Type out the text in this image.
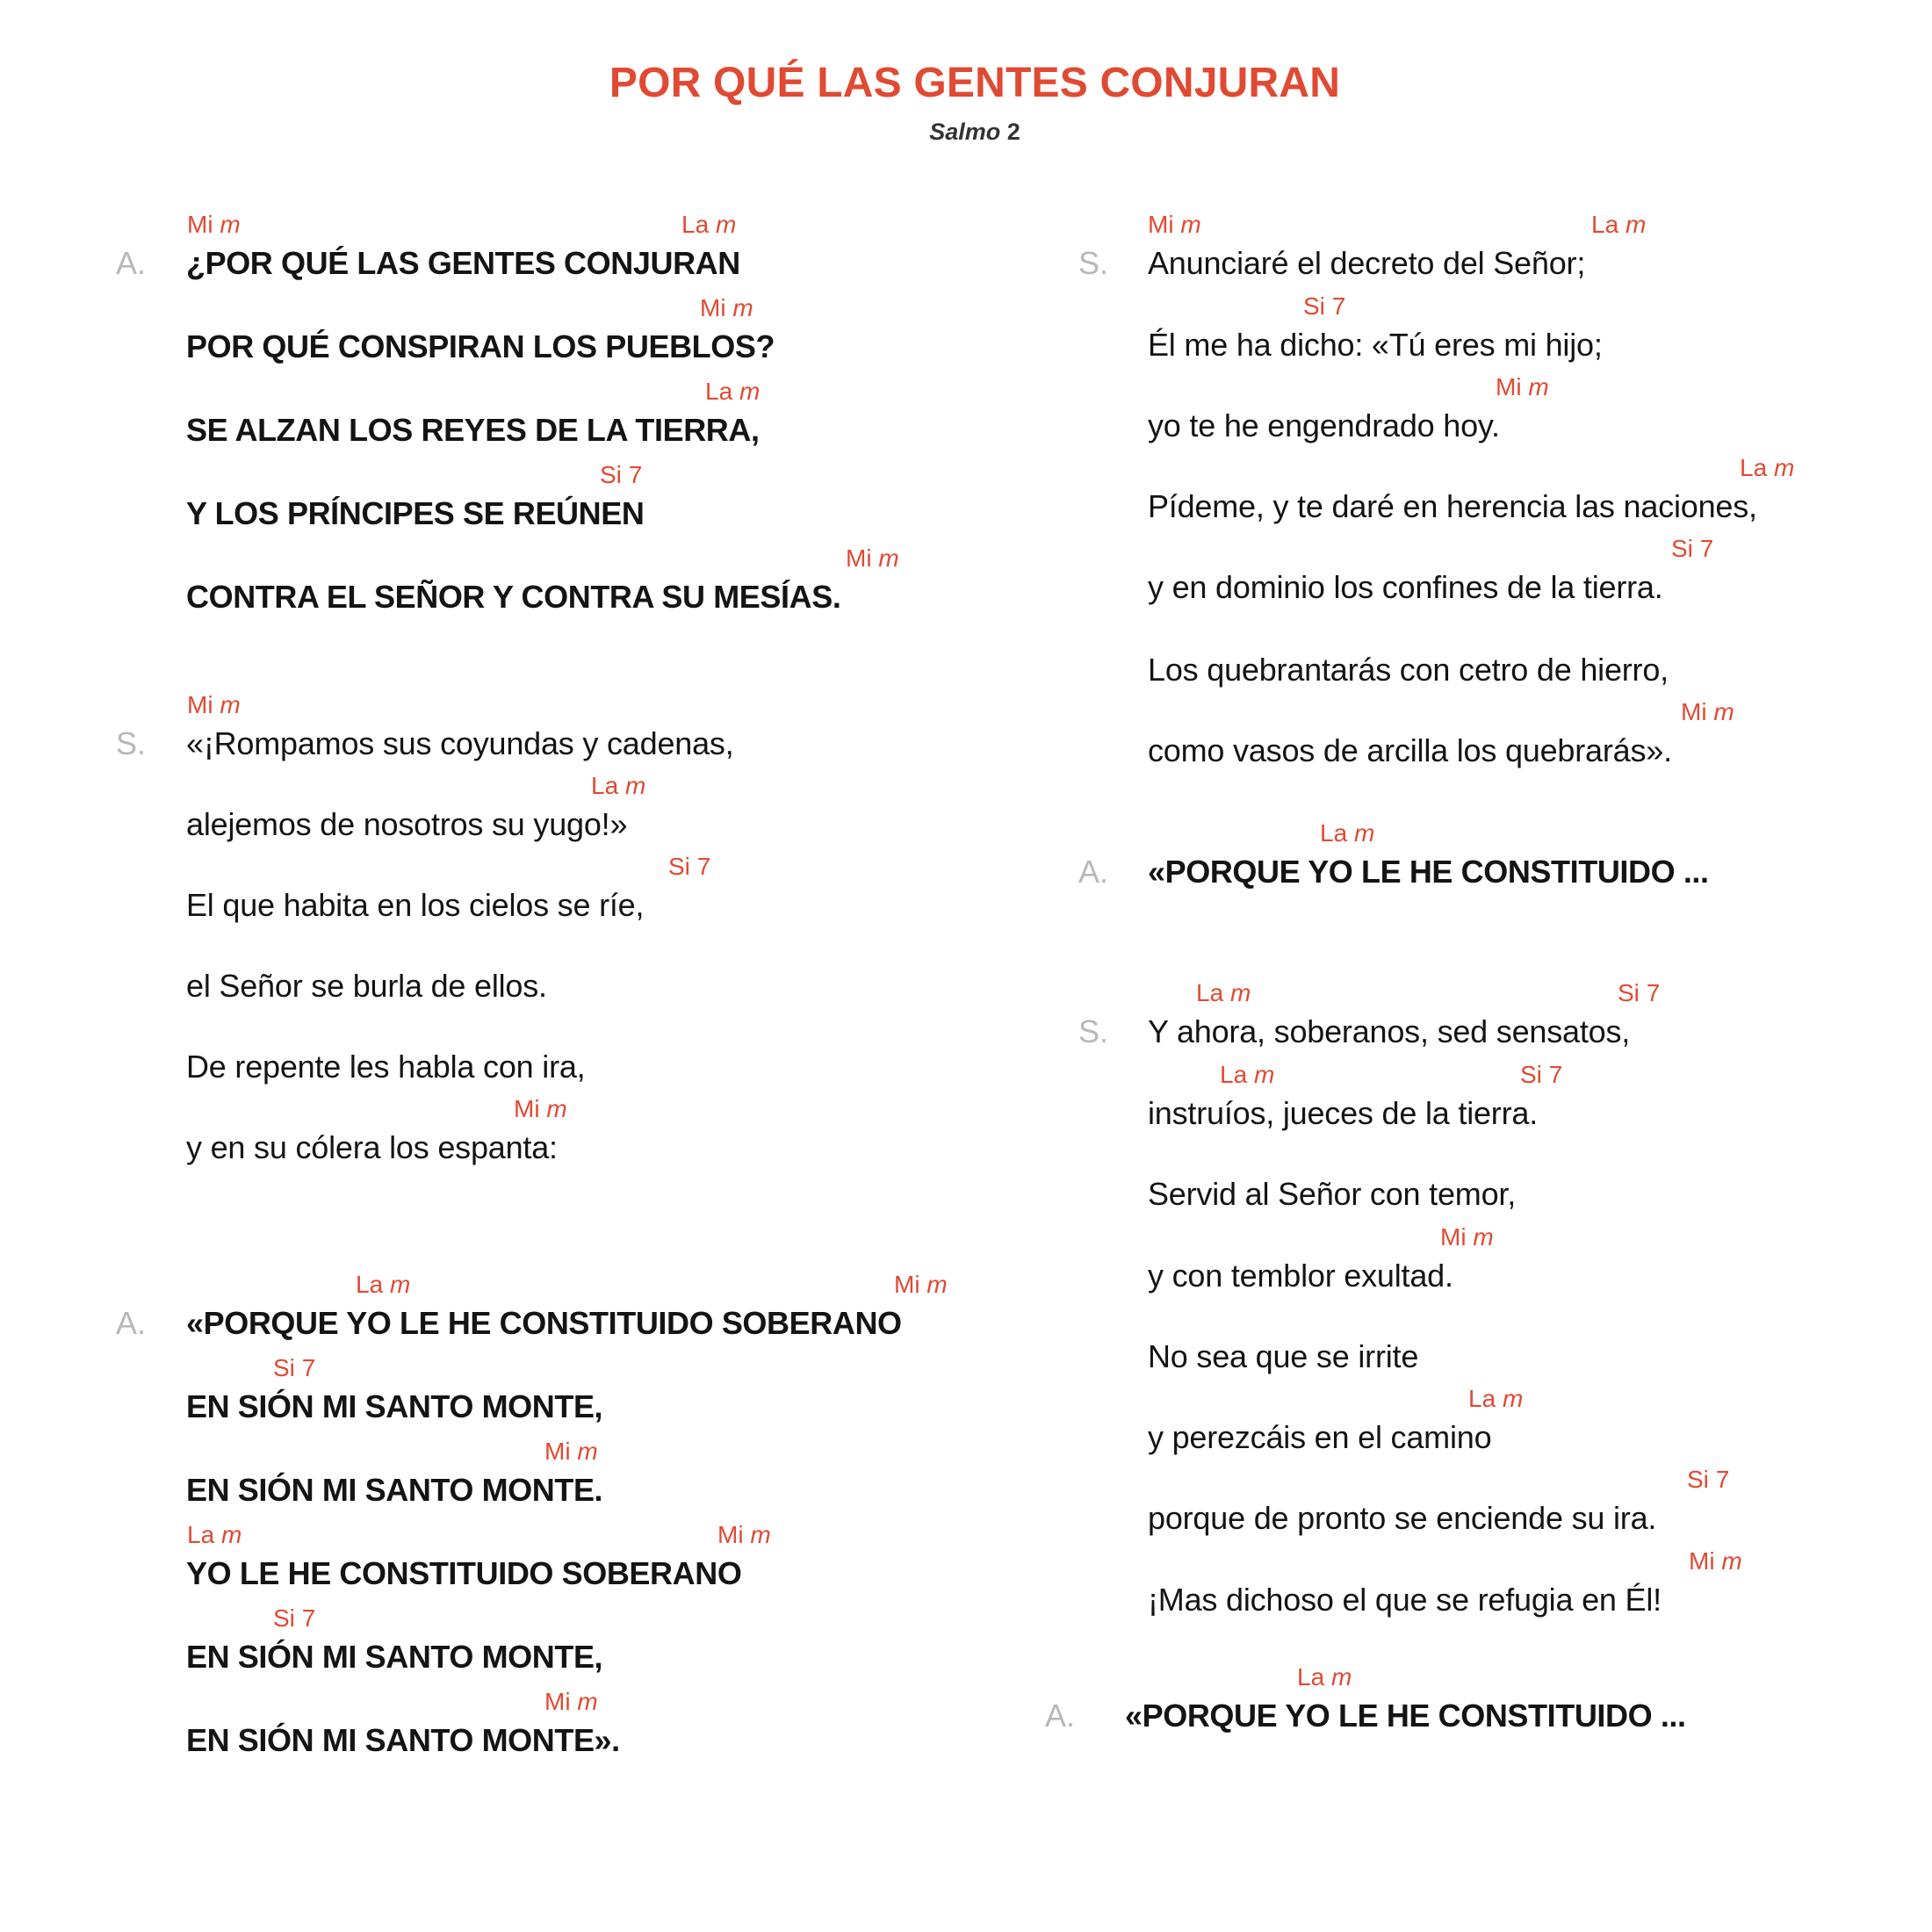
POR QUÉ LAS GENTES CONJURAN
Salmo 2
A. ¿POR QUÉ LAS GENTES CONJURAN
Mi m	La m
POR QUÉ CONSPIRAN LOS PUEBLOS?
Mi m
SE ALZAN LOS REYES DE LA TIERRA,
La m
Y LOS PRÍNCIPES SE REÚNEN
Si 7
CONTRA EL SEÑOR Y CONTRA SU MESÍAS.
Mi m
S. «¡Rompamos sus coyundas y cadenas,
Mi m
alejemos de nosotros su yugo!»
La m
El que habita en los cielos se ríe,
Si 7
el Señor se burla de ellos.
De repente les habla con ira,
y en su cólera los espanta:
Mi m
A. «PORQUE YO LE HE CONSTITUIDO SOBERANO
La m	Mi m
EN SIÓN MI SANTO MONTE,
Si 7
EN SIÓN MI SANTO MONTE.
Mi m
YO LE HE CONSTITUIDO SOBERANO
La m	Mi m
EN SIÓN MI SANTO MONTE,
Si 7
EN SIÓN MI SANTO MONTE».
Mi m
S. Anunciaré el decreto del Señor;
Mi m	La m
Él me ha dicho: «Tú eres mi hijo;
Si 7
yo te he engendrado hoy.
Mi m
Pídeme, y te daré en herencia las naciones,
La m
y en dominio los confines de la tierra.
Si 7
Los quebrantarás con cetro de hierro,
como vasos de arcilla los quebrarás».
Mi m
A. «PORQUE YO LE HE CONSTITUIDO ...
La m
S. Y ahora, soberanos, sed sensatos,
La m	Si 7
instruíos, jueces de la tierra.
La m	Si 7
Servid al Señor con temor,
y con temblor exultad.
Mi m
No sea que se irrite
y perezcáis en el camino
La m
porque de pronto se enciende su ira.
Si 7
¡Mas dichoso el que se refugia en Él!
Mi m
A. «PORQUE YO LE HE CONSTITUIDO ...
La m
